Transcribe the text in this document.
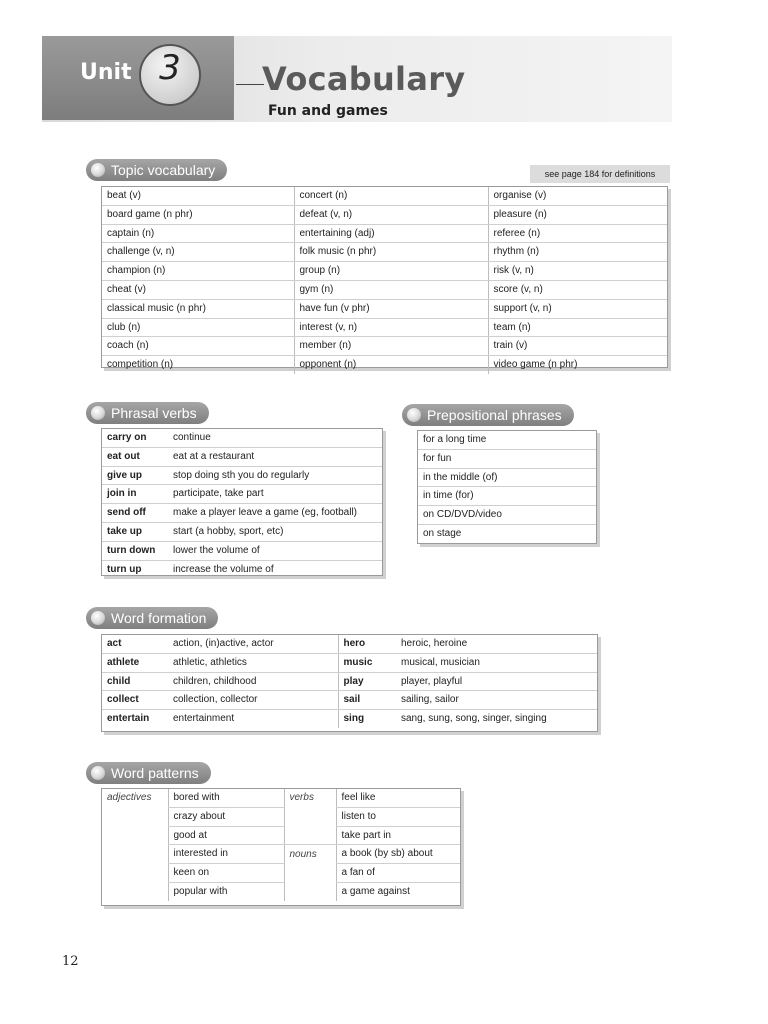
Unit 3	Vocabulary
Fun and games
Topic vocabulary	see page 184 for definitions
beat (v)	concert (n)	organise (v)
board game (n phr)	defeat (v, n)	pleasure (n)
captain (n)	entertaining (adj)	referee (n)
challenge (v, n)	folk music (n phr)	rhythm (n)
champion (n)	group (n)	risk (v, n)
cheat (v)	gym (n)	score (v, n)
classical music (n phr)	have fun (v phr)	support (v, n)
club (n)	interest (v, n)	team (n)
coach (n)	member (n)	train (v)
competition (n)	opponent (n)	video game (n phr)
Phrasal verbs
carry on	continue
eat out	eat at a restaurant
give up	stop doing sth you do regularly
join in	participate, take part
send off	make a player leave a game (eg, football)
take up	start (a hobby, sport, etc)
turn down	lower the volume of
turn up	increase the volume of
Prepositional phrases
for a long time
for fun
in the middle (of)
in time (for)
on CD/DVD/video
on stage
Word formation
act	action, (in)active, actor	hero	heroic, heroine
athlete	athletic, athletics	music	musical, musician
child	children, childhood	play	player, playful
collect	collection, collector	sail	sailing, sailor
entertain	entertainment	sing	sang, sung, song, singer, singing
Word patterns
adjectives	bored with	verbs	feel like
	crazy about		listen to
	good at		take part in
	interested in	nouns	a book (by sb) about
	keen on		a fan of
	popular with		a game against
12
